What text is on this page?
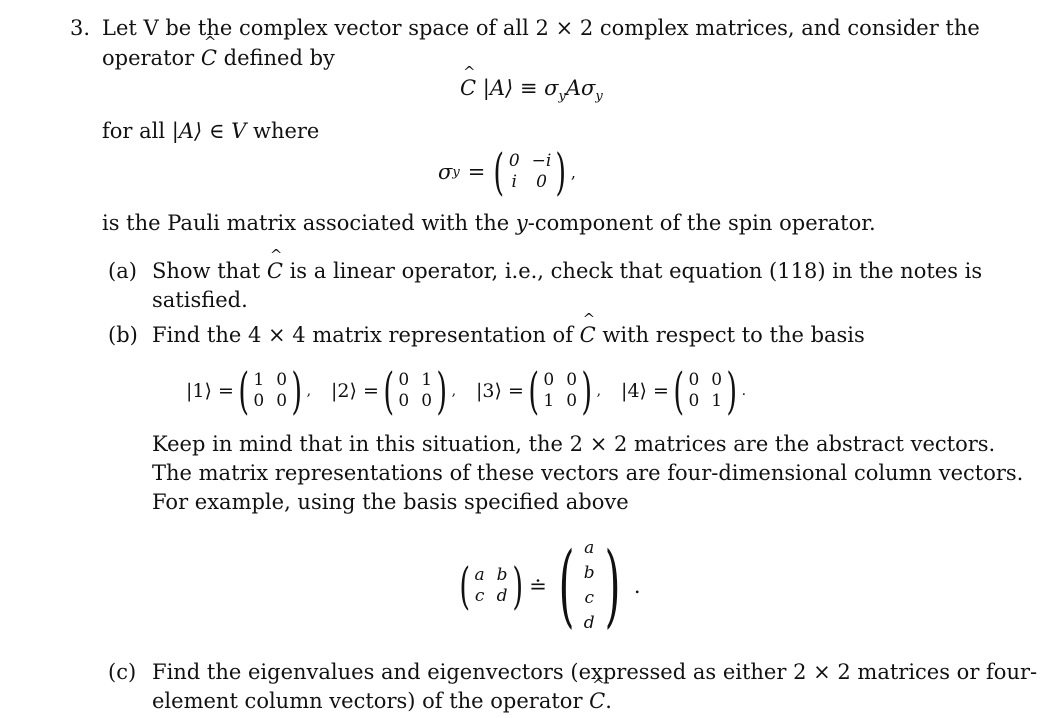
3. Let V be the complex vector space of all 2 × 2 complex matrices, and consider the
operator ^ C defined by
^ C |A⟩ ≡ $\sigma_yA\sigma_y$
for all |A⟩ ∈ V where
σ y = ( 0 −i
i 0 ) ,
is the Pauli matrix associated with the y-component of the spin operator.
(a) Show that ^ C is a linear operator, i.e., check that equation (118) in the notes is
satisfied.
(b) Find the 4 × 4 matrix representation of ^ C with respect to the basis
|1⟩ = ( 1 0
0 0 ) , |2⟩ = ( 0 1
0 0 ) , |3⟩ = ( 0 0
1 0 ) , |4⟩ = ( 0 0
0 1 ) .
Keep in mind that in this situation, the 2 × 2 matrices are the abstract vectors.
The matrix representations of these vectors are four-dimensional column vectors.
For example, using the basis specified above
( a b
c d ) ≐ ( a
b
c
d ) .
(c) Find the eigenvalues and eigenvectors (expressed as either 2 × 2 matrices or four-
element column vectors) of the operator ^ C.
